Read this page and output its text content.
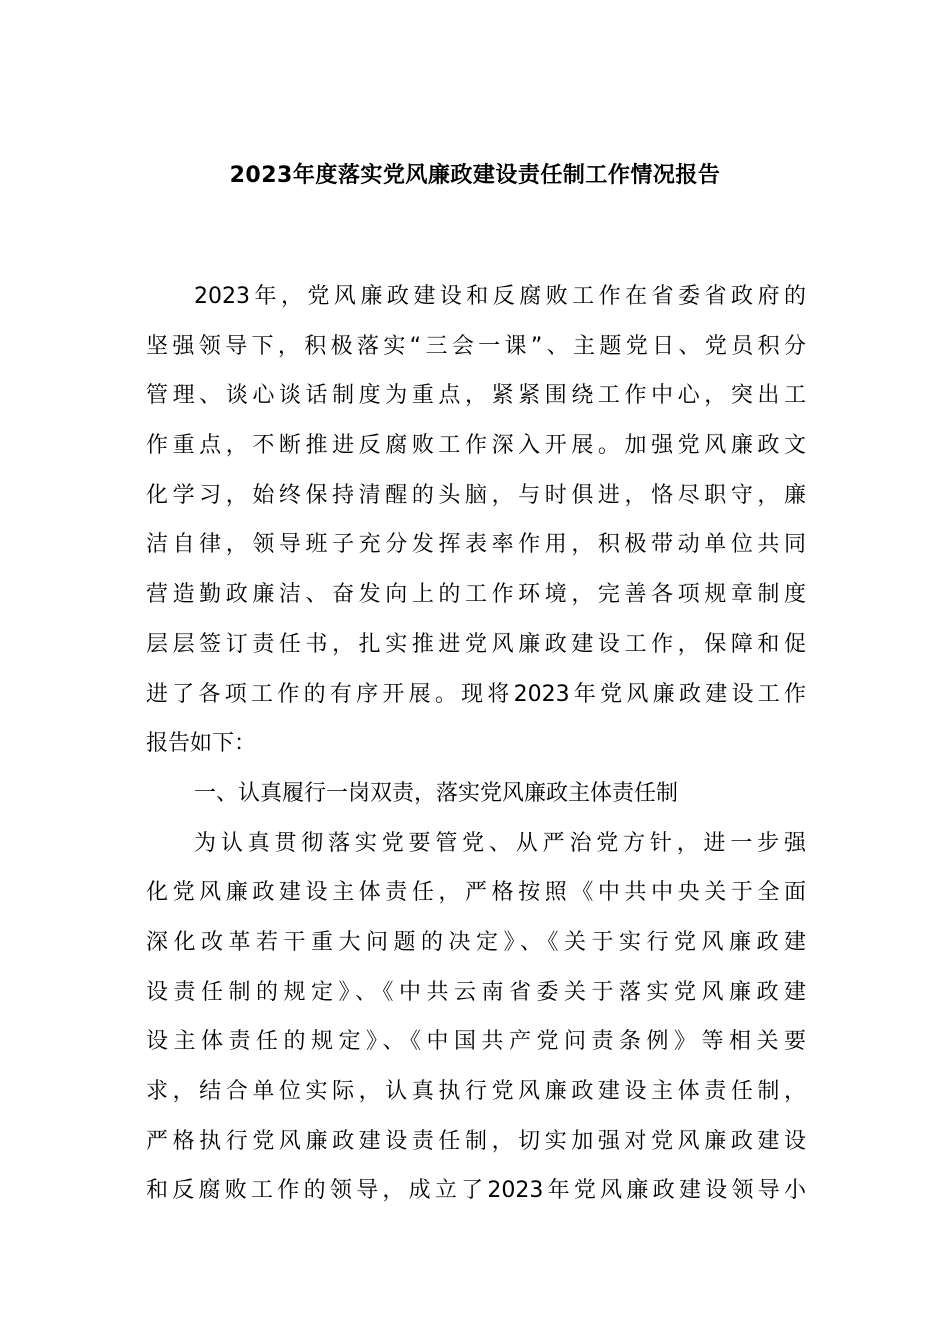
2023年度落实党风廉政建设责任制工作情况报告
2023年，党风廉政建设和反腐败工作在省委省政府的
坚强领导下，积极落实“三会一课”、主题党日、党员积分
管理、谈心谈话制度为重点，紧紧围绕工作中心，突出工
作重点，不断推进反腐败工作深入开展。加强党风廉政文
化学习，始终保持清醒的头脑，与时俱进，恪尽职守，廉
洁自律，领导班子充分发挥表率作用，积极带动单位共同
营造勤政廉洁、奋发向上的工作环境，完善各项规章制度
层层签订责任书，扎实推进党风廉政建设工作，保障和促
进了各项工作的有序开展。现将2023年党风廉政建设工作
报告如下：
一、认真履行一岗双责，落实党风廉政主体责任制
为认真贯彻落实党要管党、从严治党方针，进一步强
化党风廉政建设主体责任，严格按照《中共中央关于全面
深化改革若干重大问题的决定》、《关于实行党风廉政建
设责任制的规定》、《中共云南省委关于落实党风廉政建
设主体责任的规定》、《中国共产党问责条例》等相关要
求，结合单位实际，认真执行党风廉政建设主体责任制，
严格执行党风廉政建设责任制，切实加强对党风廉政建设
和反腐败工作的领导，成立了2023年党风廉政建设领导小
